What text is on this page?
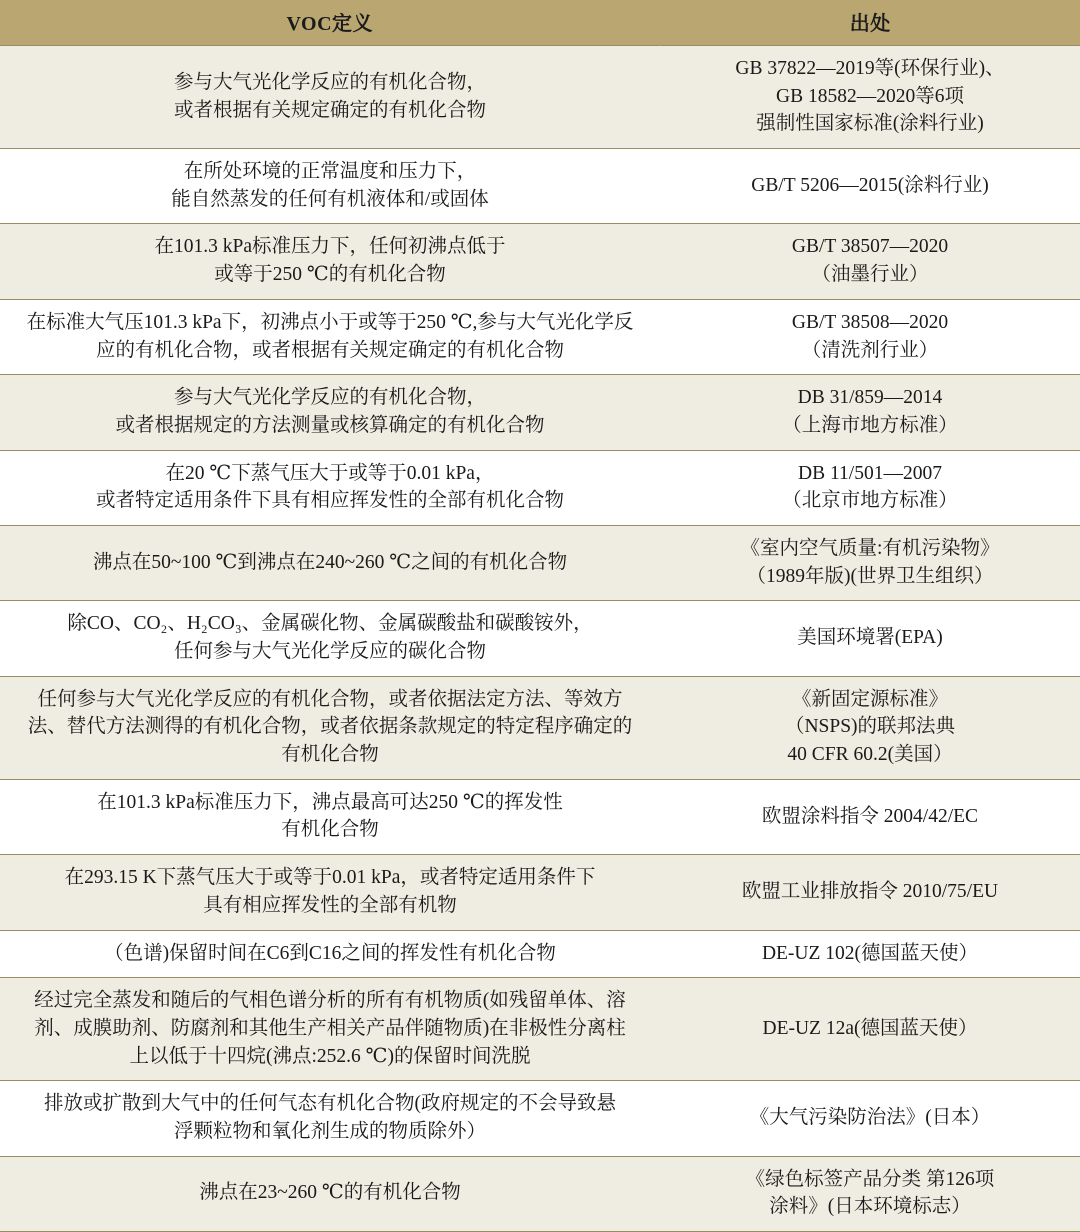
VOC定义	出处

参与大气光化学反应的有机化合物，
或者根据有关规定确定的有机化合物	GB 37822—2019等(环保行业)、
GB 18582—2020等6项
强制性国家标准(涂料行业)

在所处环境的正常温度和压力下，
能自然蒸发的任何有机液体和/或固体	GB/T 5206—2015(涂料行业)

在101.3 kPa标准压力下，任何初沸点低于
或等于250 ℃的有机化合物	GB/T 38507—2020
（油墨行业）

在标准大气压101.3 kPa下，初沸点小于或等于250 ℃,参与大气光化学反
应的有机化合物，或者根据有关规定确定的有机化合物	GB/T 38508—2020
（清洗剂行业）

参与大气光化学反应的有机化合物，
或者根据规定的方法测量或核算确定的有机化合物	DB 31/859—2014
（上海市地方标准）

在20 ℃下蒸气压大于或等于0.01 kPa，
或者特定适用条件下具有相应挥发性的全部有机化合物	DB 11/501—2007
（北京市地方标准）

沸点在50~100 ℃到沸点在240~260 ℃之间的有机化合物	《室内空气质量:有机污染物》
（1989年版)(世界卫生组织）

除CO、CO₂、H₂CO₃、金属碳化物、金属碳酸盐和碳酸铵外，
任何参与大气光化学反应的碳化合物	美国环境署(EPA)

任何参与大气光化学反应的有机化合物，或者依据法定方法、等效方
法、替代方法测得的有机化合物，或者依据条款规定的特定程序确定的
有机化合物	《新固定源标准》
（NSPS)的联邦法典
40 CFR 60.2(美国）

在101.3 kPa标准压力下，沸点最高可达250 ℃的挥发性
有机化合物	欧盟涂料指令 2004/42/EC

在293.15 K下蒸气压大于或等于0.01 kPa，或者特定适用条件下
具有相应挥发性的全部有机物	欧盟工业排放指令 2010/75/EU
（色谱)保留时间在C6到C16之间的挥发性有机化合物	DE-UZ 102(德国蓝天使）

经过完全蒸发和随后的气相色谱分析的所有有机物质(如残留单体、溶
剂、成膜助剂、防腐剂和其他生产相关产品伴随物质)在非极性分离柱
上以低于十四烷(沸点:252.6 ℃)的保留时间洗脱	DE-UZ 12a(德国蓝天使）

排放或扩散到大气中的任何气态有机化合物(政府规定的不会导致悬
浮颗粒物和氧化剂生成的物质除外）	《大气污染防治法》(日本）
沸点在23~260 ℃的有机化合物	《绿色标签产品分类 第126项
涂料》(日本环境标志）
